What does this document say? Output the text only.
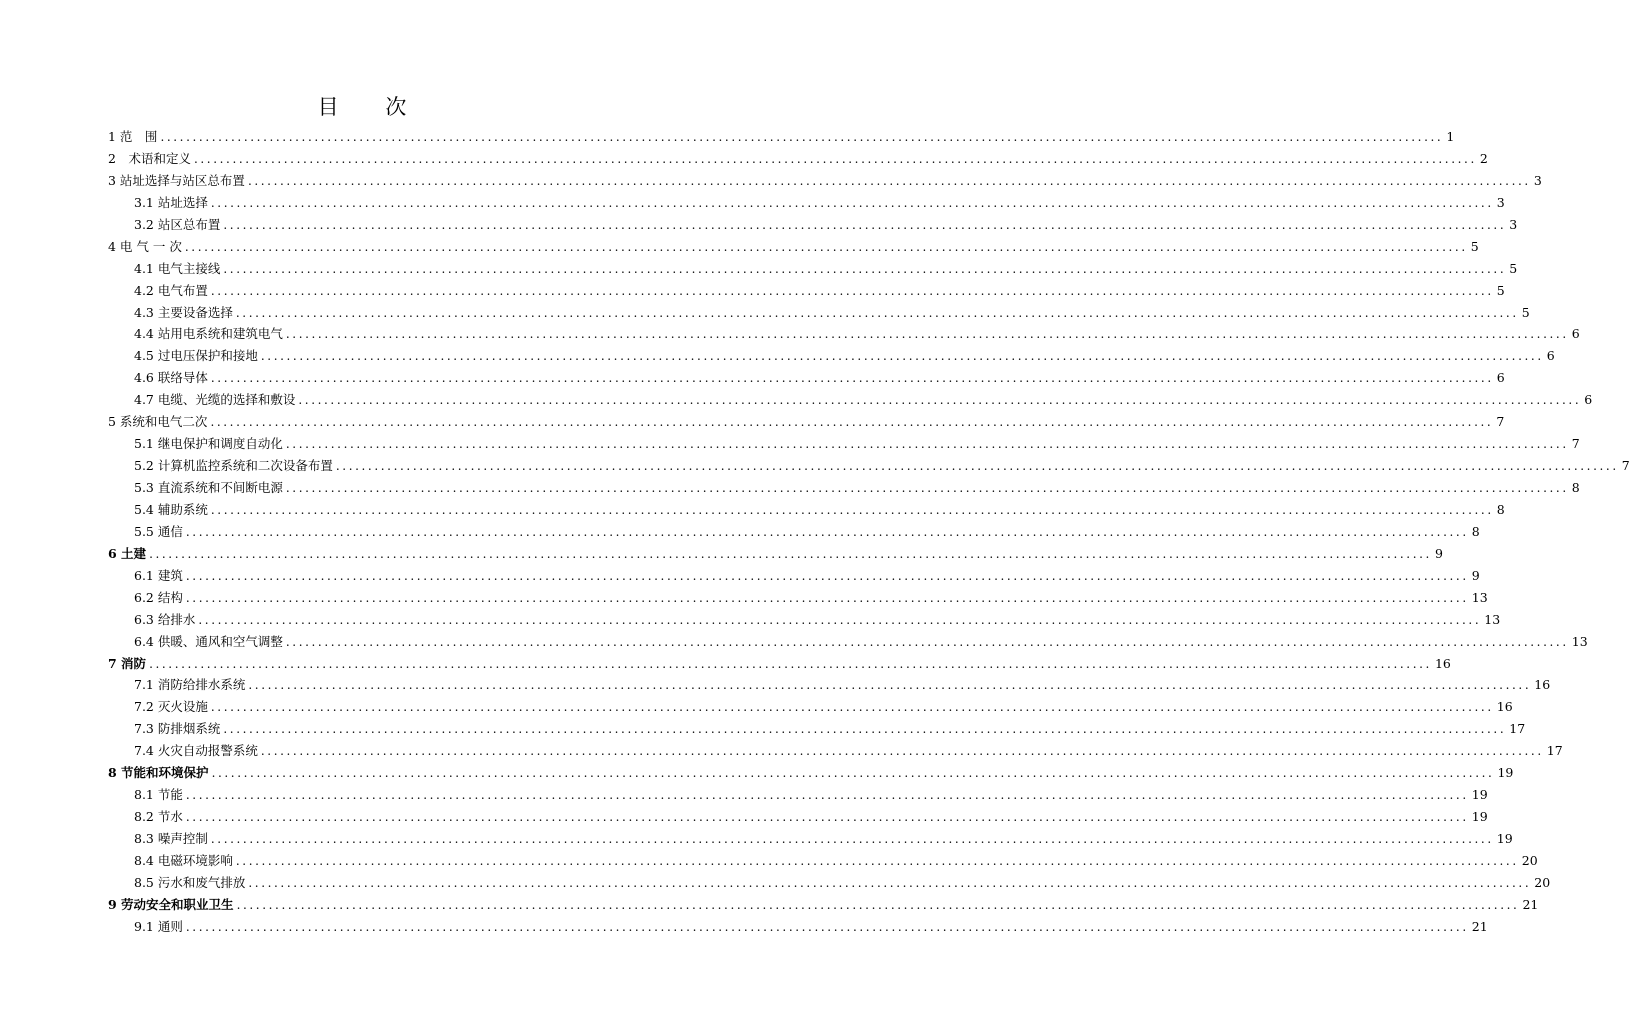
目 次
1 范　围 ........................................................................................................................................................................................................ 1
2　术语和定义 ........................................................................................................................................................................................................ 2
3 站址选择与站区总布置 ........................................................................................................................................................................................................ 3
3.1 站址选择 ........................................................................................................................................................................................................ 3
3.2 站区总布置 ........................................................................................................................................................................................................ 3
4 电 气 一 次 ........................................................................................................................................................................................................ 5
4.1 电气主接线 ........................................................................................................................................................................................................ 5
4.2 电气布置 ........................................................................................................................................................................................................ 5
4.3 主要设备选择 ........................................................................................................................................................................................................ 5
4.4 站用电系统和建筑电气 ........................................................................................................................................................................................................ 6
4.5 过电压保护和接地 ........................................................................................................................................................................................................ 6
4.6 联络导体 ........................................................................................................................................................................................................ 6
4.7 电缆、光缆的选择和敷设 ........................................................................................................................................................................................................ 6
5 系统和电气二次 ........................................................................................................................................................................................................ 7
5.1 继电保护和调度自动化 ........................................................................................................................................................................................................ 7
5.2 计算机监控系统和二次设备布置 ........................................................................................................................................................................................................ 7
5.3 直流系统和不间断电源 ........................................................................................................................................................................................................ 8
5.4 辅助系统 ........................................................................................................................................................................................................ 8
5.5 通信 ........................................................................................................................................................................................................ 8
6 土建 ........................................................................................................................................................................................................ 9
6.1 建筑 ........................................................................................................................................................................................................ 9
6.2 结构 ........................................................................................................................................................................................................ 13
6.3 给排水 ........................................................................................................................................................................................................ 13
6.4 供暖、通风和空气调整 ........................................................................................................................................................................................................ 13
7 消防 ........................................................................................................................................................................................................ 16
7.1 消防给排水系统 ........................................................................................................................................................................................................ 16
7.2 灭火设施 ........................................................................................................................................................................................................ 16
7.3 防排烟系统 ........................................................................................................................................................................................................ 17
7.4 火灾自动报警系统 ........................................................................................................................................................................................................ 17
8 节能和环境保护 ........................................................................................................................................................................................................ 19
8.1 节能 ........................................................................................................................................................................................................ 19
8.2 节水 ........................................................................................................................................................................................................ 19
8.3 噪声控制 ........................................................................................................................................................................................................ 19
8.4 电磁环境影响 ........................................................................................................................................................................................................ 20
8.5 污水和废气排放 ........................................................................................................................................................................................................ 20
9 劳动安全和职业卫生 ........................................................................................................................................................................................................ 21
9.1 通则 ........................................................................................................................................................................................................ 21
